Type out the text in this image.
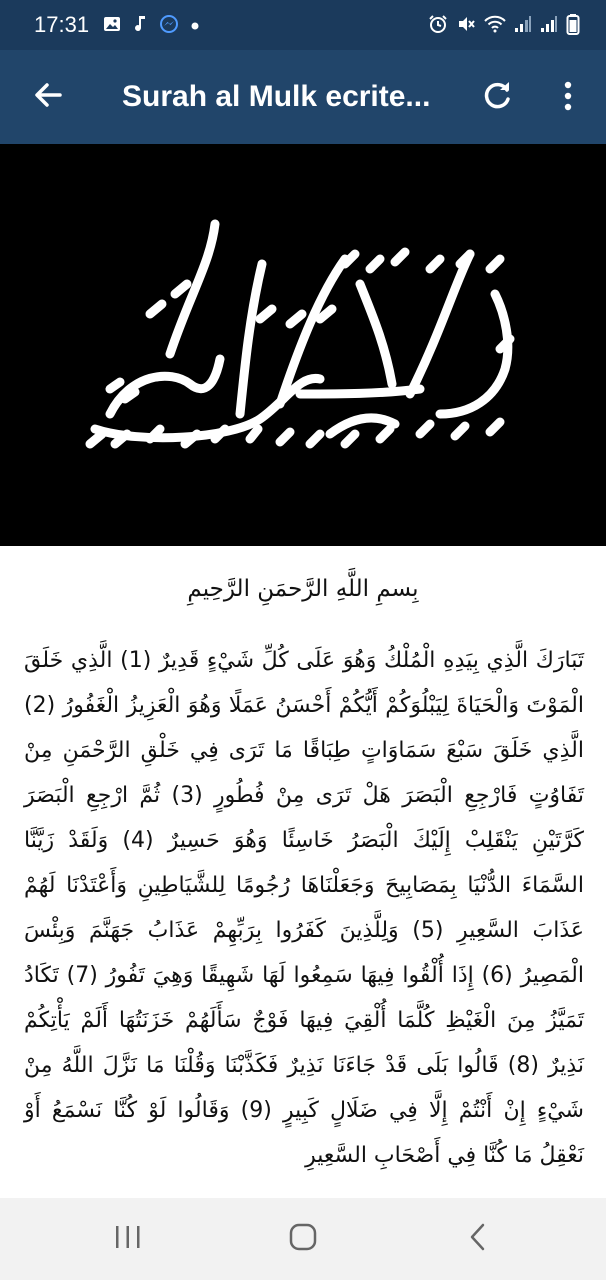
17:31
Surah al Mulk ecrite...
بِسمِ اللَّهِ الرَّحمَنِ الرَّحِيمِ
تَبَارَكَ الَّذِي بِيَدِهِ الْمُلْكُ وَهُوَ عَلَى كُلِّ شَيْءٍ قَدِيرٌ (1) الَّذِي خَلَقَ الْمَوْتَ وَالْحَيَاةَ لِيَبْلُوَكُمْ أَيُّكُمْ أَحْسَنُ عَمَلًا وَهُوَ الْعَزِيزُ الْغَفُورُ (2) الَّذِي خَلَقَ سَبْعَ سَمَاوَاتٍ طِبَاقًا مَا تَرَى فِي خَلْقِ الرَّحْمَنِ مِنْ تَفَاوُتٍ فَارْجِعِ الْبَصَرَ هَلْ تَرَى مِنْ فُطُورٍ (3) ثُمَّ ارْجِعِ الْبَصَرَ كَرَّتَيْنِ يَنْقَلِبْ إِلَيْكَ الْبَصَرُ خَاسِئًا وَهُوَ حَسِيرٌ (4) وَلَقَدْ زَيَّنَّا السَّمَاءَ الدُّنْيَا بِمَصَابِيحَ وَجَعَلْنَاهَا رُجُومًا لِلشَّيَاطِينِ وَأَعْتَدْنَا لَهُمْ عَذَابَ السَّعِيرِ (5) وَلِلَّذِينَ كَفَرُوا بِرَبِّهِمْ عَذَابُ جَهَنَّمَ وَبِئْسَ الْمَصِيرُ (6) إِذَا أُلْقُوا فِيهَا سَمِعُوا لَهَا شَهِيقًا وَهِيَ تَفُورُ (7) تَكَادُ تَمَيَّزُ مِنَ الْغَيْظِ كُلَّمَا أُلْقِيَ فِيهَا فَوْجٌ سَأَلَهُمْ خَزَنَتُهَا أَلَمْ يَأْتِكُمْ نَذِيرٌ (8) قَالُوا بَلَى قَدْ جَاءَنَا نَذِيرٌ فَكَذَّبْنَا وَقُلْنَا مَا نَزَّلَ اللَّهُ مِنْ شَيْءٍ إِنْ أَنْتُمْ إِلَّا فِي ضَلَالٍ كَبِيرٍ (9) وَقَالُوا لَوْ كُنَّا نَسْمَعُ أَوْ نَعْقِلُ مَا كُنَّا فِي أَصْحَابِ السَّعِيرِ
